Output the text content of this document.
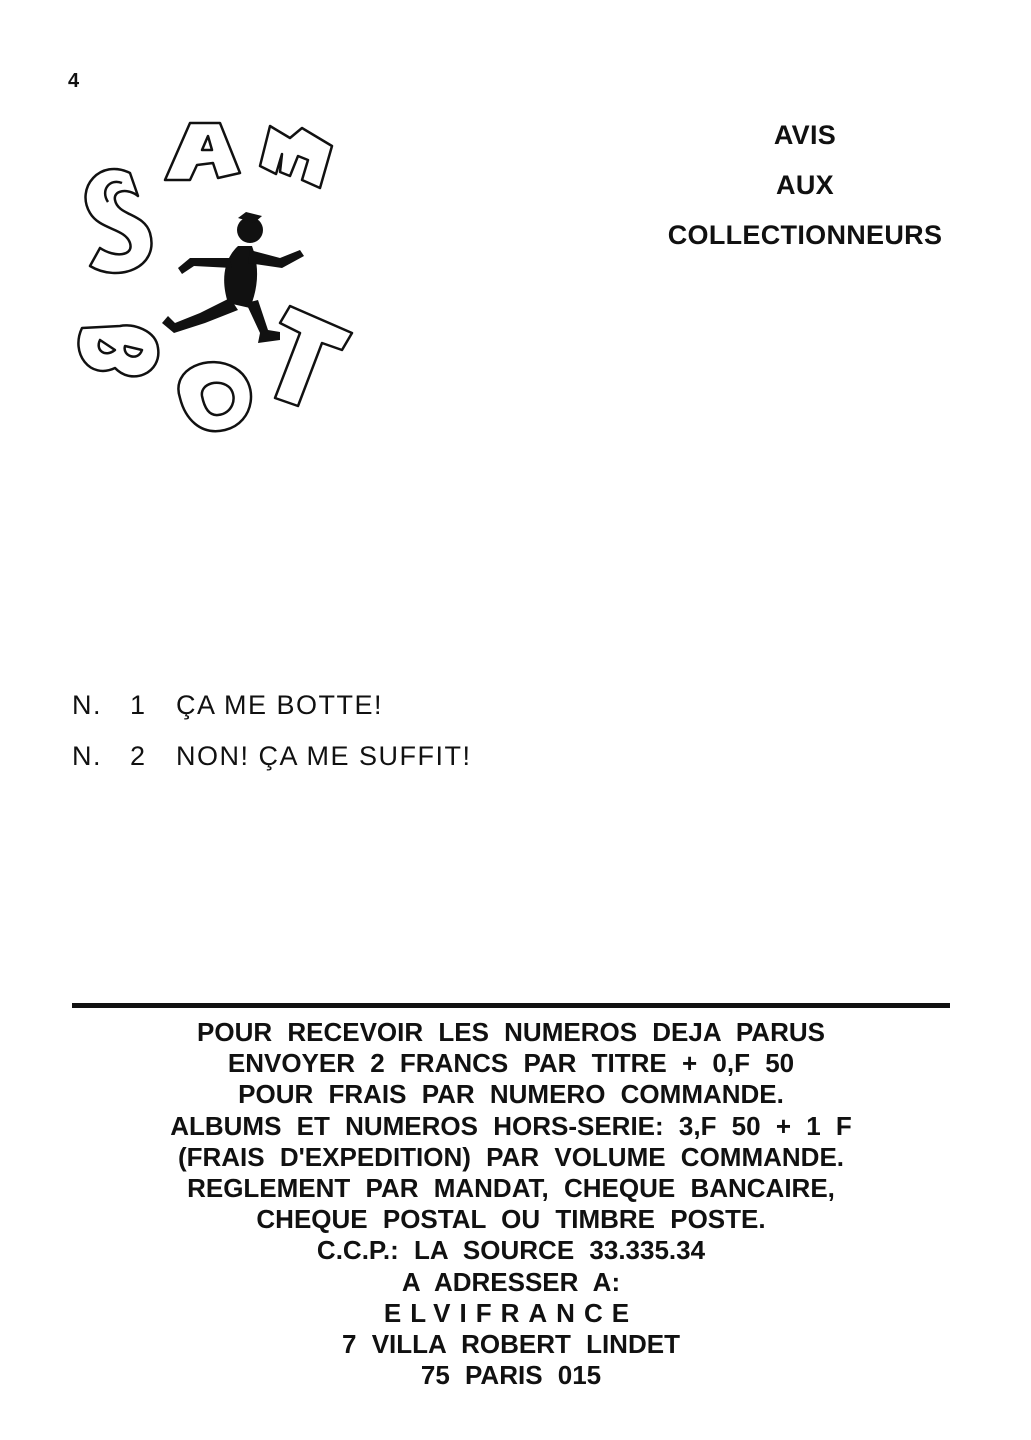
4
AVIS
AUX
COLLECTIONNEURS
N.	1	ÇA ME BOTTE!
N.	2	NON! ÇA ME SUFFIT!
POUR RECEVOIR LES NUMEROS DEJA PARUS
ENVOYER 2 FRANCS PAR TITRE + 0,F 50
POUR FRAIS PAR NUMERO COMMANDE.
ALBUMS ET NUMEROS HORS-SERIE: 3,F 50 + 1 F
(FRAIS D'EXPEDITION) PAR VOLUME COMMANDE.
REGLEMENT PAR MANDAT, CHEQUE BANCAIRE,
CHEQUE POSTAL OU TIMBRE POSTE.
C.C.P.: LA SOURCE 33.335.34
A ADRESSER A:
ELVIFRANCE
7 VILLA ROBERT LINDET
75 PARIS 015
